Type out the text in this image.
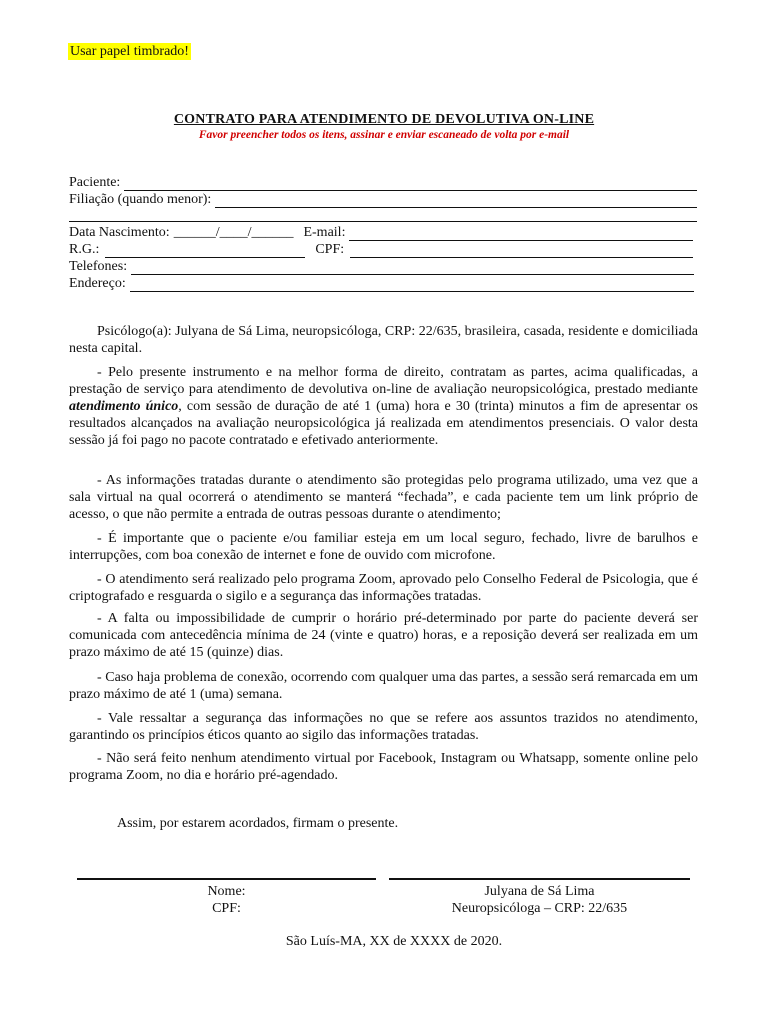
Usar papel timbrado!
CONTRATO PARA ATENDIMENTO DE DEVOLUTIVA ON-LINE
Favor preencher todos os itens, assinar e enviar escaneado de volta por e-mail
Paciente:
Filiação (quando menor):
Data Nascimento: ______/____/______ E-mail:
R.G.:	CPF:
Telefones:
Endereço:

Psicólogo(a): Julyana de Sá Lima, neuropsicóloga, CRP: 22/635, brasileira, casada, residente e domiciliada nesta capital.

- Pelo presente instrumento e na melhor forma de direito, contratam as partes, acima qualificadas, a prestação de serviço para atendimento de devolutiva on-line de avaliação neuropsicológica, prestado mediante atendimento único, com sessão de duração de até 1 (uma) hora e 30 (trinta) minutos a fim de apresentar os resultados alcançados na avaliação neuropsicológica já realizada em atendimentos presenciais. O valor desta sessão já foi pago no pacote contratado e efetivado anteriormente.

- As informações tratadas durante o atendimento são protegidas pelo programa utilizado, uma vez que a sala virtual na qual ocorrerá o atendimento se manterá “fechada”, e cada paciente tem um link próprio de acesso, o que não permite a entrada de outras pessoas durante o atendimento;

- É importante que o paciente e/ou familiar esteja em um local seguro, fechado, livre de barulhos e interrupções, com boa conexão de internet e fone de ouvido com microfone.

- O atendimento será realizado pelo programa Zoom, aprovado pelo Conselho Federal de Psicologia, que é criptografado e resguarda o sigilo e a segurança das informações tratadas.

- A falta ou impossibilidade de cumprir o horário pré-determinado por parte do paciente deverá ser comunicada com antecedência mínima de 24 (vinte e quatro) horas, e a reposição deverá ser realizada em um prazo máximo de até 15 (quinze) dias.

- Caso haja problema de conexão, ocorrendo com qualquer uma das partes, a sessão será remarcada em um prazo máximo de até 1 (uma) semana.

- Vale ressaltar a segurança das informações no que se refere aos assuntos trazidos no atendimento, garantindo os princípios éticos quanto ao sigilo das informações tratadas.

- Não será feito nenhum atendimento virtual por Facebook, Instagram ou Whatsapp, somente online pelo programa Zoom, no dia e horário pré-agendado.

Assim, por estarem acordados, firmam o presente.
Nome:
CPF:
Julyana de Sá Lima
Neuropsicóloga – CRP: 22/635
São Luís-MA, XX de XXXX de 2020.
